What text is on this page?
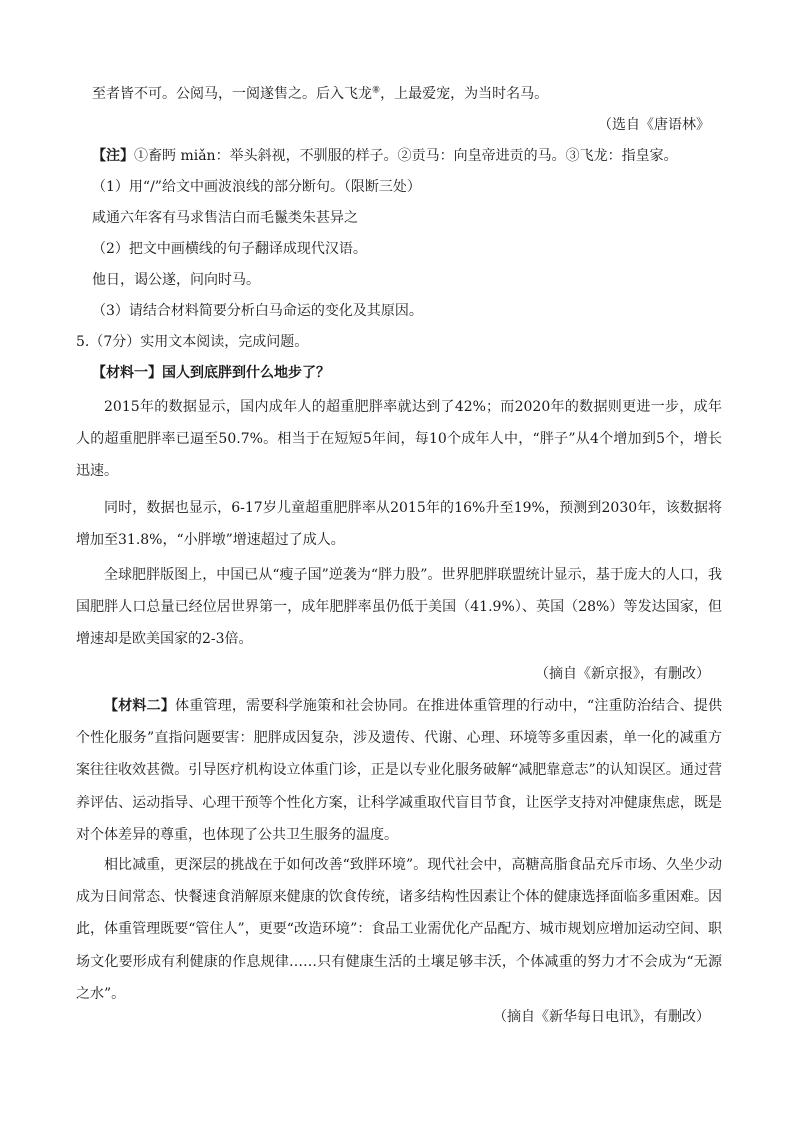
至者皆不可。公阅马，一阅遂售之。后入飞龙⑧，上最爱宠，为当时名马。
（选自《唐语林》
【注】①畜眄 miǎn：举头斜视，不驯服的样子。②贡马：向皇帝进贡的马。③飞龙：指皇家。
（1）用“/”给文中画波浪线的部分断句。（限断三处）
咸通六年客有马求售洁白而毛鬣类朱甚异之
（2）把文中画横线的句子翻译成现代汉语。
他日，谒公遂，问向时马。
（3）请结合材料简要分析白马命运的变化及其原因。
5.（7分）实用文本阅读，完成问题。
【材料一】国人到底胖到什么地步了？
2015年的数据显示，国内成年人的超重肥胖率就达到了42%；而2020年的数据则更进一步，成年人的超重肥胖率已逼至50.7%。相当于在短短5年间，每10个成年人中，“胖子”从4个增加到5个，增长迅速。
同时，数据也显示，6-17岁儿童超重肥胖率从2015年的16%升至19%，预测到2030年，该数据将增加至31.8%，“小胖墩”增速超过了成人。
全球肥胖版图上，中国已从“瘦子国”逆袭为“胖力股”。世界肥胖联盟统计显示，基于庞大的人口，我国肥胖人口总量已经位居世界第一，成年肥胖率虽仍低于美国（41.9%）、英国（28%）等发达国家，但增速却是欧美国家的2-3倍。
（摘自《新京报》，有删改）
【材料二】体重管理，需要科学施策和社会协同。在推进体重管理的行动中，“注重防治结合、提供个性化服务”直指问题要害：肥胖成因复杂，涉及遗传、代谢、心理、环境等多重因素，单一化的减重方案往往收效甚微。引导医疗机构设立体重门诊，正是以专业化服务破解“减肥靠意志”的认知误区。通过营养评估、运动指导、心理干预等个性化方案，让科学减重取代盲目节食，让医学支持对冲健康焦虑，既是对个体差异的尊重，也体现了公共卫生服务的温度。
相比减重，更深层的挑战在于如何改善“致胖环境”。现代社会中，高糖高脂食品充斥市场、久坐少动成为日间常态、快餐速食消解原来健康的饮食传统，诸多结构性因素让个体的健康选择面临多重困难。因此，体重管理既要“管住人”，更要“改造环境”：食品工业需优化产品配方、城市规划应增加运动空间、职场文化要形成有利健康的作息规律……只有健康生活的土壤足够丰沃，个体减重的努力才不会成为“无源之水”。
（摘自《新华每日电讯》，有删改）
